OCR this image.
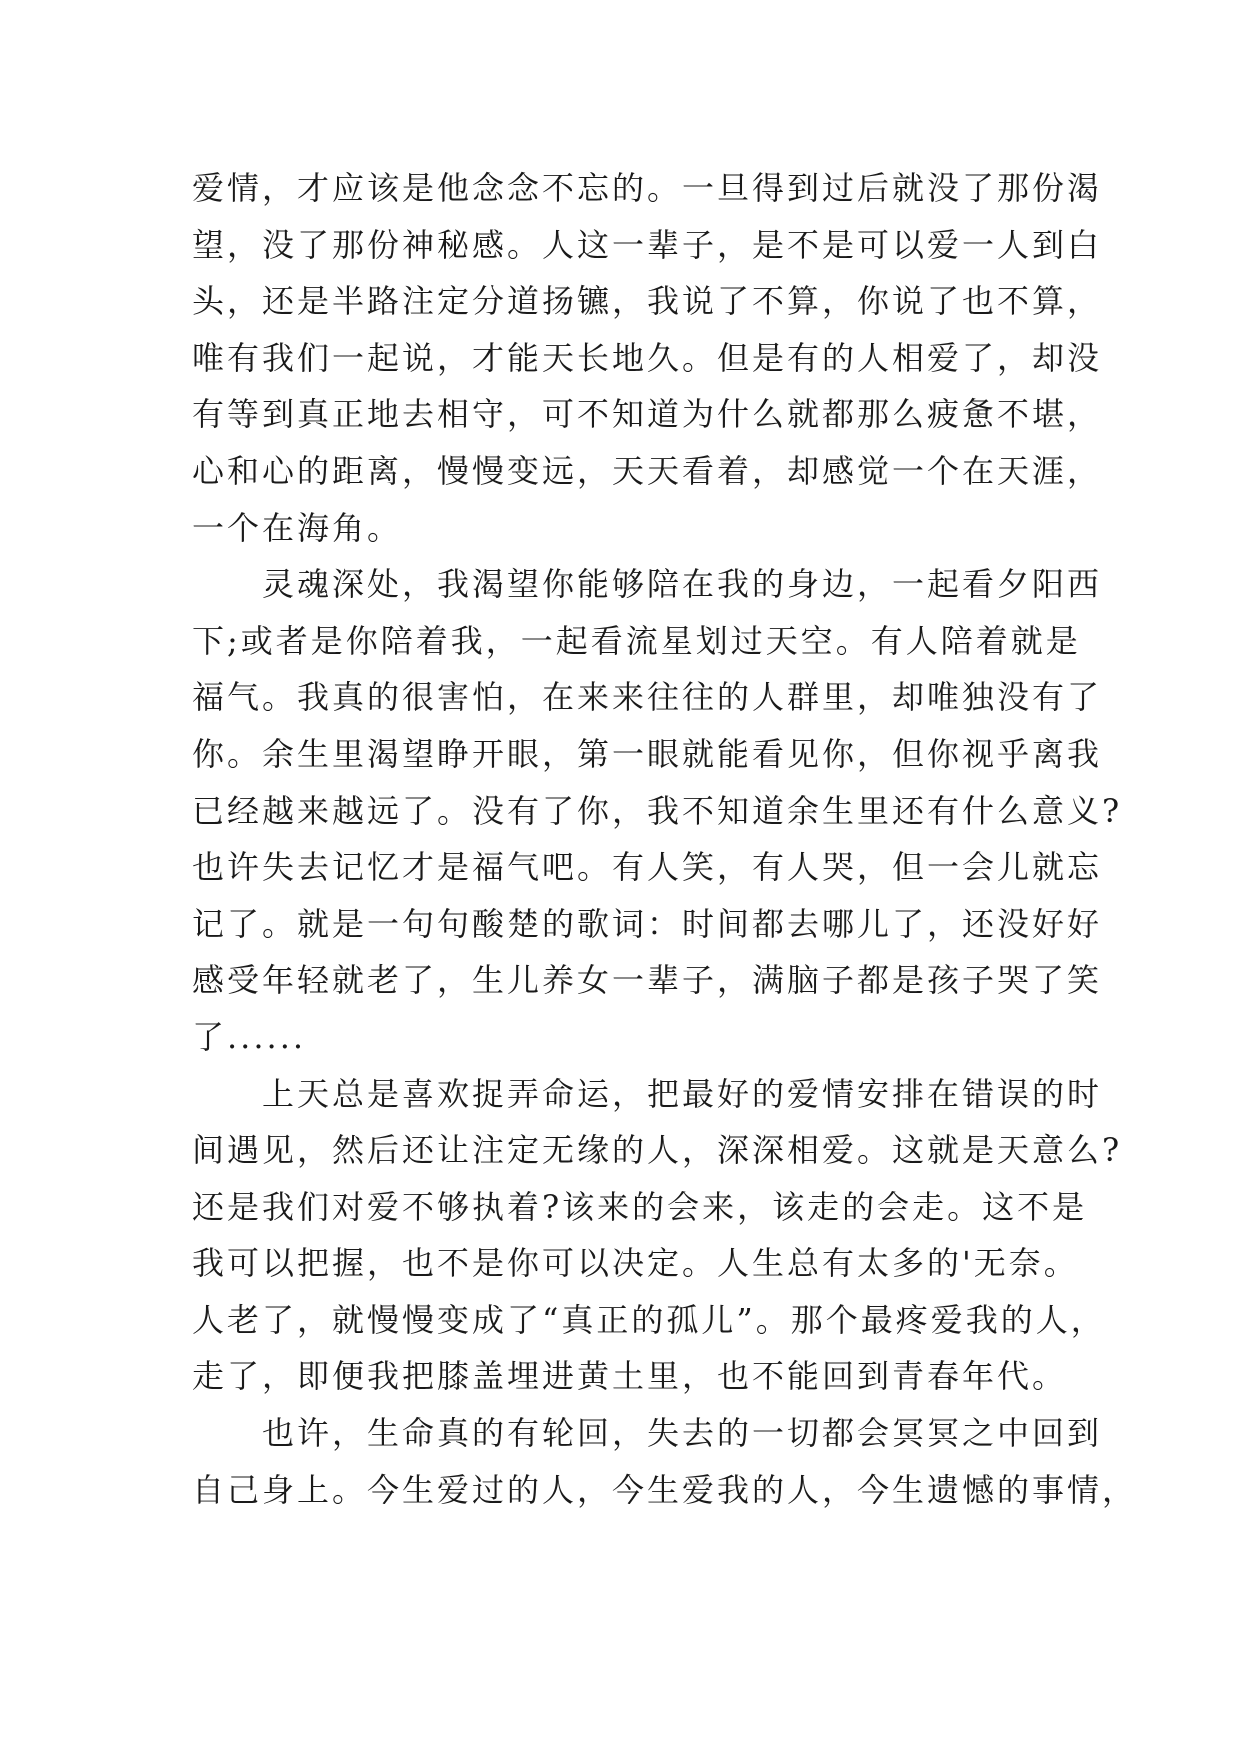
爱情，才应该是他念念不忘的。一旦得到过后就没了那份渴
望，没了那份神秘感。人这一辈子，是不是可以爱一人到白
头，还是半路注定分道扬镳，我说了不算，你说了也不算，
唯有我们一起说，才能天长地久。但是有的人相爱了，却没
有等到真正地去相守，可不知道为什么就都那么疲惫不堪，
心和心的距离，慢慢变远，天天看着，却感觉一个在天涯，
一个在海角。
　　灵魂深处，我渴望你能够陪在我的身边，一起看夕阳西
下;或者是你陪着我，一起看流星划过天空。有人陪着就是
福气。我真的很害怕，在来来往往的人群里，却唯独没有了
你。余生里渴望睁开眼，第一眼就能看见你，但你视乎离我
已经越来越远了。没有了你，我不知道余生里还有什么意义?
也许失去记忆才是福气吧。有人笑，有人哭，但一会儿就忘
记了。就是一句句酸楚的歌词：时间都去哪儿了，还没好好
感受年轻就老了，生儿养女一辈子，满脑子都是孩子哭了笑
了......
　　上天总是喜欢捉弄命运，把最好的爱情安排在错误的时
间遇见，然后还让注定无缘的人，深深相爱。这就是天意么?
还是我们对爱不够执着?该来的会来，该走的会走。这不是
我可以把握，也不是你可以决定。人生总有太多的'无奈。
人老了，就慢慢变成了“真正的孤儿”。那个最疼爱我的人，
走了，即便我把膝盖埋进黄土里，也不能回到青春年代。
　　也许，生命真的有轮回，失去的一切都会冥冥之中回到
自己身上。今生爱过的人，今生爱我的人，今生遗憾的事情，
